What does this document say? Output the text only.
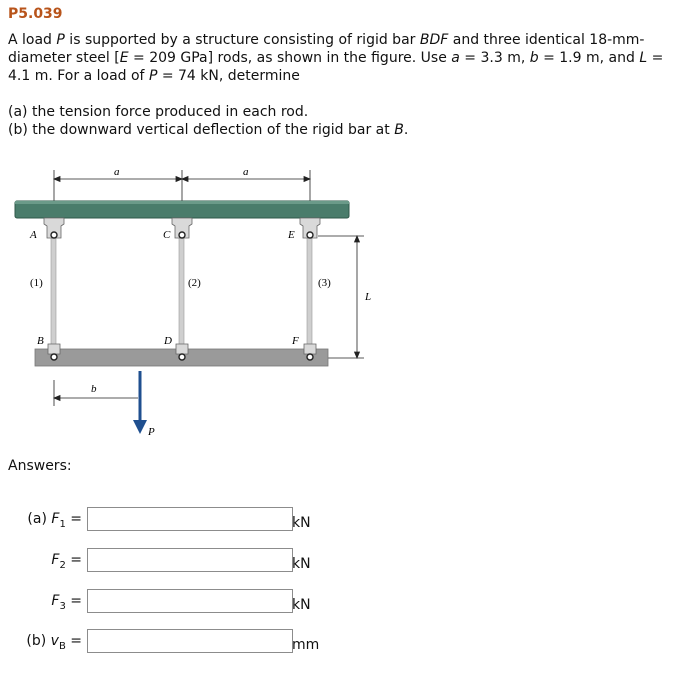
P5.039

A load P is supported by a structure consisting of rigid bar BDF and three identical 18-mm-diameter steel [E = 209 GPa] rods, as shown in the figure. Use a = 3.3 m, b = 1.9 m, and L = 4.1 m. For a load of P = 74 kN, determine

(a) the tension force produced in each rod.
(b) the downward vertical deflection of the rigid bar at B.
a	a
A	C	E
(1)	(2)	(3)
L
B	D	F
b
P
Answers:
(a) $F_1$ =	kN
$F_2$ =	kN
$F_3$ =	kN
(b) $v_B$ =	mm
